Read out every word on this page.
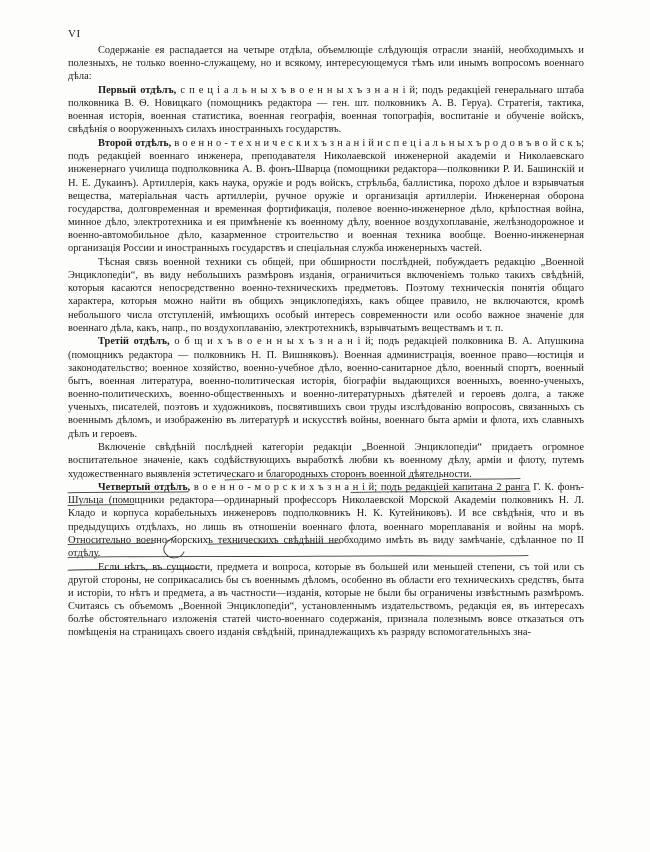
VI

Содержаніе ея распадается на четыре отдѣла, объемлющіе слѣдующія отрасли знаній, необходимыхъ и полезныхъ, не только военно-служащему, но и всякому, интересующемуся тѣмъ или инымъ вопросомъ военнаго дѣла:

Первый отдѣлъ, с п е ц і а л ь н ы х ъ в о е н н ы х ъ з н а н і й; подъ редакціей генеральнаго штаба полковника В. Ѳ. Новицкаго (помощникъ редактора — ген. шт. полковникъ А. В. Геруа). Стратегія, тактика, военная исторія, военная статистика, военная географія, военная топографія, воспитаніе и обученіе войскъ, свѣдѣнія о вооруженныхъ силахъ иностранныхъ государствъ.

Второй отдѣлъ, в о е н н о - т е х н и ч е с к и х ъ з н а н і й и с п е ц і а л ь н ы х ъ р о д о в ъ в о й с к ъ; подъ редакціей военнаго инженера, преподавателя Николаевской инженерной академіи и Николаевскаго инженернаго училища подполковника А. В. фонъ-Шварца (помощники редактора—полковники Р. И. Башинскій и Н. Е. Дукаинъ). Артиллерія, какъ наука, оружіе и родъ войскъ, стрѣльба, баллистика, порохо дѣлое и взрывчатыя вещества, матеріальная часть артиллеріи, ручное оружіе и организація артиллеріи. Инженерная оборона государства, долговременная и временная фортификація, полевое военно-инженерное дѣло, крѣпостная война, минное дѣло, электротехника и ея примѣненіе къ военному дѣлу, военное воздухоплаваніе, желѣзнодорожное и военно-автомобильное дѣло, казарменное строительство и военная техника вообще. Военно-инженерная организація России и иностранныхъ государствъ и спеціальная служба инженерныхъ частей.

Тѣсная связь военной техники съ общей, при обширности послѣдней, побуждаетъ редакцію „Военной Энциклопедіи“, въ виду небольшихъ размѣровъ изданія, ограничиться включеніемъ только такихъ свѣдѣній, которыя касаются непосредственно военно-техническихъ предметовъ. Поэтому техническія понятія общаго характера, которыя можно найти въ общихъ энциклопедіяхъ, какъ общее правило, не включаются, кромѣ небольшого числа отступленій, имѣющихъ особый интересъ современности или особо важное значеніе для военнаго дѣла, какъ, напр., по воздухоплаванію, электротехникѣ, взрывчатымъ веществамъ и т. п.

Третій отдѣлъ, о б щ и х ъ в о е н н ы х ъ з н а н і й; подъ редакціей полковника В. А. Апушкина (помощникъ редактора — полковникъ Н. П. Вишняковъ). Военная администрація, военное право—юстиція и законодательство; военное хозяйство, военно-учебное дѣло, военно-санитарное дѣло, военный спортъ, военный бытъ, военная литература, военно-политическая исторія, біографіи выдающихся военныхъ, военно-ученыхъ, военно-политическихъ, военно-общественныхъ и военно-литературныхъ дѣятелей и героевъ долга, а также ученыхъ, писателей, поэтовъ и художниковъ, посвятившихъ свои труды изслѣдованію вопросовъ, связанныхъ съ военнымъ дѣломъ, и изображенію въ литературѣ и искусствѣ войны, военнаго быта арміи и флота, ихъ славныхъ дѣлъ и героевъ.

Включеніе свѣдѣній послѣдней категоріи редакціи „Военной Энциклопедіи“ придаетъ огромное воспитательное значеніе, какъ содѣйствующихъ выработкѣ любви къ военному дѣлу, арміи и флоту, путемъ художественнаго выявленія эстетическаго и благородныхъ сторонъ военной дѣятельности.

Четвертый отдѣлъ, в о е н н о - м о р с к и х ъ з н а н і й; подъ редакціей капитана 2 ранга Г. К. фонъ-Шульца (помощники редактора—ординарный профессоръ Николаевской Морской Академіи полковникъ Н. Л. Кладо и корпуса корабельныхъ инженеровъ подполковникъ Н. К. Кутейниковъ). И все свѣдѣнія, что и въ предыдущихъ отдѣлахъ, но лишь въ отношеніи военнаго флота, военнаго мореплаванія и войны на морѣ. Относительно военно-морскихъ техническихъ свѣдѣній необходимо имѣть въ виду замѣчаніе, сдѣланное по II отдѣлу.

Если нѣтъ, въ сущности, предмета и вопроса, которые въ большей или меньшей степени, съ той или съ другой стороны, не соприкасались бы съ военнымъ дѣломъ, особенно въ области его техническихъ средствъ, быта и исторіи, то нѣтъ и предмета, а въ частности—изданія, которые не были бы ограничены извѣстнымъ размѣромъ. Считаясь съ объемомъ „Военной Энциклопедіи“, установленнымъ издательствомъ, редакція ея, въ интересахъ болѣе обстоятельнаго изложенія статей чисто-военнаго содержанія, признала полезнымъ вовсе отказаться отъ помѣщенія на страницахъ своего изданія свѣдѣній, принадлежащихъ къ разряду вспомогательныхъ зна-
